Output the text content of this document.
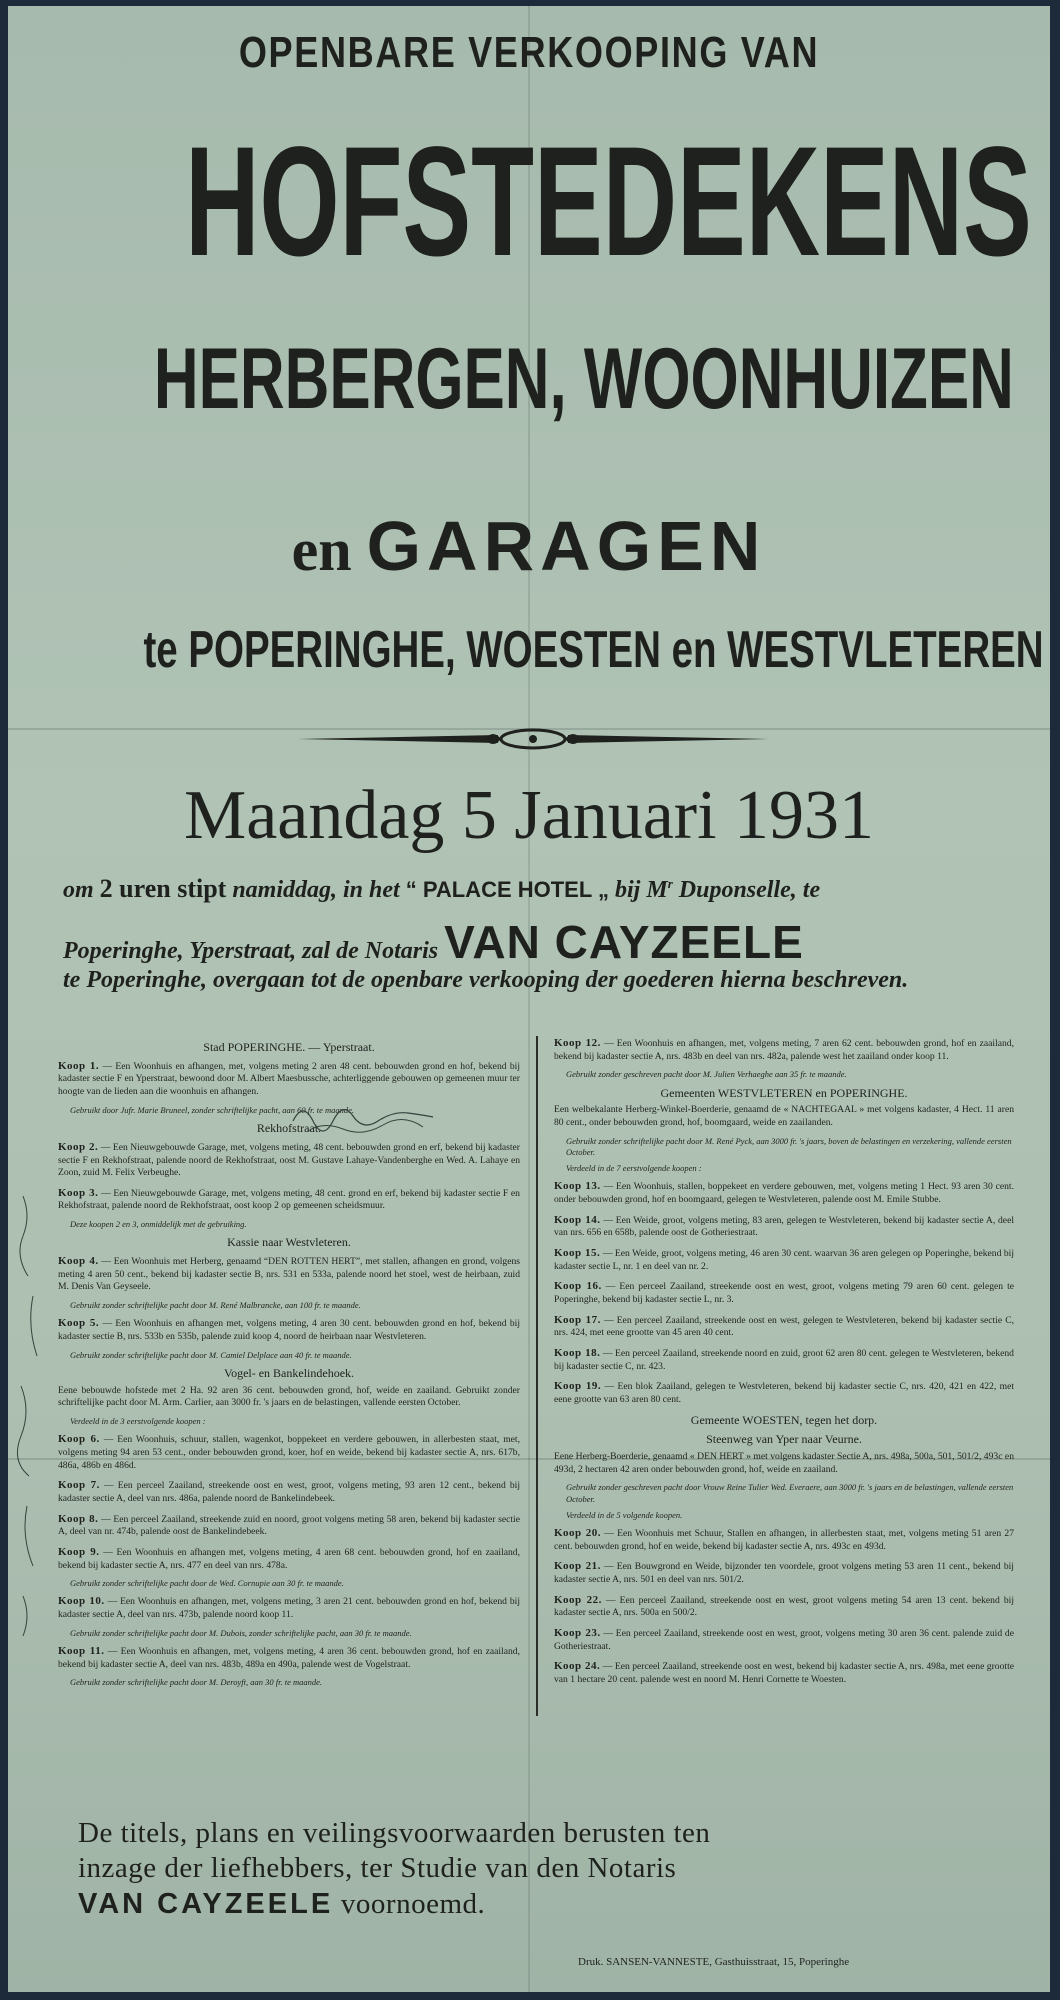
OPENBARE VERKOOPING VAN
HOFSTEDEKENS
HERBERGEN, WOONHUIZEN
en GARAGEN
te POPERINGHE, WOESTEN en WESTVLETEREN
Maandag 5 Januari 1931
om 2 uren stipt namiddag, in het “ PALACE HOTEL „ bij $M^r$ Duponselle, te
Poperinghe, Yperstraat, zal de Notaris VAN CAYZEELE
te Poperinghe, overgaan tot de openbare verkooping der goederen hierna beschreven.
Stad POPERINGHE. — Yperstraat.

Koop 1. — Een Woonhuis en afhangen, met, volgens meting 2 aren 48 cent. bebouwden grond en hof, bekend bij kadaster sectie F en Yperstraat, bewoond door M. Albert Maesbussche, achterliggende gebouwen op gemeenen muur ter hoogte van de lieden aan die woonhuis en afhangen.

Gebruikt door Jufr. Marie Bruneel, zonder schriftelijke pacht, aan 60 fr. te maande.

Rekhofstraat.

Koop 2. — Een Nieuwgebouwde Garage, met, volgens meting, 48 cent. bebouwden grond en erf, bekend bij kadaster sectie F en Rekhofstraat, palende noord de Rekhofstraat, oost M. Gustave Lahaye-Vandenberghe en Wed. A. Lahaye en Zoon, zuid M. Felix Verbeughe.

Koop 3. — Een Nieuwgebouwde Garage, met, volgens meting, 48 cent. grond en erf, bekend bij kadaster sectie F en Rekhofstraat, palende noord de Rekhofstraat, oost koop 2 op gemeenen scheidsmuur.

Deze koopen 2 en 3, onmiddelijk met de gebruiking.

Kassie naar Westvleteren.

Koop 4. — Een Woonhuis met Herberg, genaamd “DEN ROTTEN HERT”, met stallen, afhangen en grond, volgens meting 4 aren 50 cent., bekend bij kadaster sectie B, nrs. 531 en 533a, palende noord het stoel, west de heirbaan, zuid M. Denis Van Geyseele.

Gebruikt zonder schriftelijke pacht door M. René Malbrancke, aan 100 fr. te maande.

Koop 5. — Een Woonhuis en afhangen met, volgens meting, 4 aren 30 cent. bebouwden grond en hof, bekend bij kadaster sectie B, nrs. 533b en 535b, palende zuid koop 4, noord de heirbaan naar Westvleteren.

Gebruikt zonder schriftelijke pacht door M. Camiel Delplace aan 40 fr. te maande.

Vogel- en Bankelindehoek.

Eene bebouwde hofstede met 2 Ha. 92 aren 36 cent. bebouwden grond, hof, weide en zaailand. Gebruikt zonder schriftelijke pacht door M. Arm. Carlier, aan 3000 fr. 's jaars en de belastingen, vallende eersten October.

Verdeeld in de 3 eerstvolgende koopen :

Koop 6. — Een Woonhuis, schuur, stallen, wagenkot, boppekeet en verdere gebouwen, in allerbesten staat, met, volgens meting 94 aren 53 cent., onder bebouwden grond, koer, hof en weide, bekend bij kadaster sectie A, nrs. 617b, 486a, 486b en 486d.

Koop 7. — Een perceel Zaailand, streekende oost en west, groot, volgens meting, 93 aren 12 cent., bekend bij kadaster sectie A, deel van nrs. 486a, palende noord de Bankelindebeek.

Koop 8. — Een perceel Zaailand, streekende zuid en noord, groot volgens meting 58 aren, bekend bij kadaster sectie A, deel van nr. 474b, palende oost de Bankelindebeek.

Koop 9. — Een Woonhuis en afhangen met, volgens meting, 4 aren 68 cent. bebouwden grond, hof en zaailand, bekend bij kadaster sectie A, nrs. 477 en deel van nrs. 478a.

Gebruikt zonder schriftelijke pacht door de Wed. Cornupie aan 30 fr. te maande.

Koop 10. — Een Woonhuis en afhangen, met, volgens meting, 3 aren 21 cent. bebouwden grond en hof, bekend bij kadaster sectie A, deel van nrs. 473b, palende noord koop 11.

Gebruikt zonder schriftelijke pacht door M. Dubois, zonder schriftelijke pacht, aan 30 fr. te maande.

Koop 11. — Een Woonhuis en afhangen, met, volgens meting, 4 aren 36 cent. bebouwden grond, hof en zaailand, bekend bij kadaster sectie A, deel van nrs. 483b, 489a en 490a, palende west de Vogelstraat.

Gebruikt zonder schriftelijke pacht door M. Deroyft, aan 30 fr. te maande.

Koop 12. — Een Woonhuis en afhangen, met, volgens meting, 7 aren 62 cent. bebouwden grond, hof en zaailand, bekend bij kadaster sectie A, nrs. 483b en deel van nrs. 482a, palende west het zaailand onder koop 11.

Gebruikt zonder geschreven pacht door M. Julien Verhaeghe aan 35 fr. te maande.

Gemeenten WESTVLETEREN en POPERINGHE.

Een welbekalante Herberg-Winkel-Boerderie, genaamd de « NACHTEGAAL » met volgens kadaster, 4 Hect. 11 aren 80 cent., onder bebouwden grond, hof, boomgaard, weide en zaailanden.

Gebruikt zonder schriftelijke pacht door M. René Pyck, aan 3000 fr. 's jaars, boven de belastingen en verzekering, vallende eersten October.

Verdeeld in de 7 eerstvolgende koopen :

Koop 13. — Een Woonhuis, stallen, boppekeet en verdere gebouwen, met, volgens meting 1 Hect. 93 aren 30 cent. onder bebouwden grond, hof en boomgaard, gelegen te Westvleteren, palende oost M. Emile Stubbe.

Koop 14. — Een Weide, groot, volgens meting, 83 aren, gelegen te Westvleteren, bekend bij kadaster sectie A, deel van nrs. 656 en 658b, palende oost de Gotheriestraat.

Koop 15. — Een Weide, groot, volgens meting, 46 aren 30 cent. waarvan 36 aren gelegen op Poperinghe, bekend bij kadaster sectie L, nr. 1 en deel van nr. 2.

Koop 16. — Een perceel Zaailand, streekende oost en west, groot, volgens meting 79 aren 60 cent. gelegen te Poperinghe, bekend bij kadaster sectie L, nr. 3.

Koop 17. — Een perceel Zaailand, streekende oost en west, gelegen te Westvleteren, bekend bij kadaster sectie C, nrs. 424, met eene grootte van 45 aren 40 cent.

Koop 18. — Een perceel Zaailand, streekende noord en zuid, groot 62 aren 80 cent. gelegen te Westvleteren, bekend bij kadaster sectie C, nr. 423.

Koop 19. — Een blok Zaailand, gelegen te Westvleteren, bekend bij kadaster sectie C, nrs. 420, 421 en 422, met eene grootte van 63 aren 80 cent.

Gemeente WOESTEN, tegen het dorp.
Steenweg van Yper naar Veurne.

Eene Herberg-Boerderie, genaamd « DEN HERT » met volgens kadaster Sectie A, nrs. 498a, 500a, 501, 501/2, 493c en 493d, 2 hectaren 42 aren onder bebouwden grond, hof, weide en zaailand.

Gebruikt zonder geschreven pacht door Vrouw Reine Tulier Wed. Everaere, aan 3000 fr. 's jaars en de belastingen, vallende eersten October.

Verdeeld in de 5 volgende koopen.

Koop 20. — Een Woonhuis met Schuur, Stallen en afhangen, in allerbesten staat, met, volgens meting 51 aren 27 cent. bebouwden grond, hof en weide, bekend bij kadaster sectie A, nrs. 493c en 493d.

Koop 21. — Een Bouwgrond en Weide, bijzonder ten voordele, groot volgens meting 53 aren 11 cent., bekend bij kadaster sectie A, nrs. 501 en deel van nrs. 501/2.

Koop 22. — Een perceel Zaailand, streekende oost en west, groot volgens meting 54 aren 13 cent. bekend bij kadaster sectie A, nrs. 500a en 500/2.

Koop 23. — Een perceel Zaailand, streekende oost en west, groot, volgens meting 30 aren 36 cent. palende zuid de Gotheriestraat.

Koop 24. — Een perceel Zaailand, streekende oost en west, bekend bij kadaster sectie A, nrs. 498a, met eene grootte van 1 hectare 20 cent. palende west en noord M. Henri Cornette te Woesten.

De titels, plans en veilingsvoorwaarden berusten ten
inzage der liefhebbers, ter Studie van den Notaris
VAN CAYZEELE voornoemd.
Druk. SANSEN-VANNESTE, Gasthuisstraat, 15, Poperinghe
